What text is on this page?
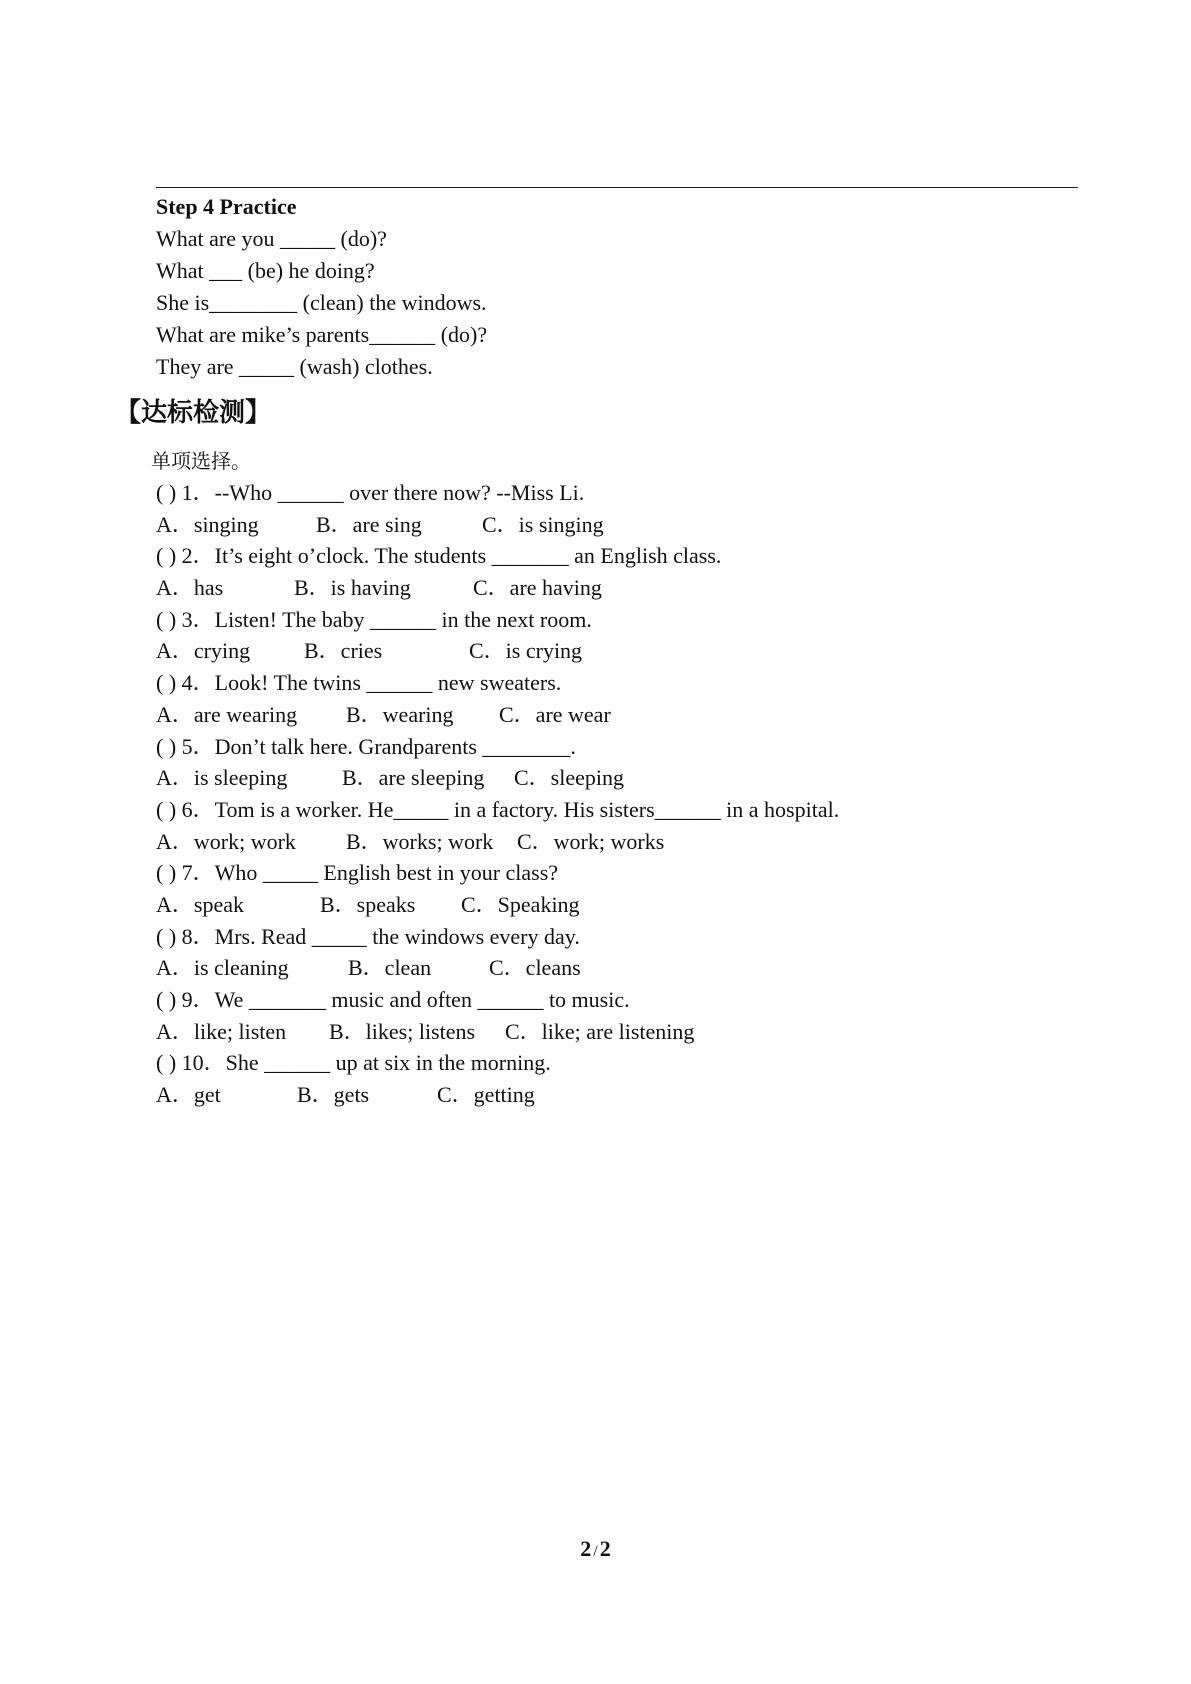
Step 4 Practice
What are you _____ (do)?
What ___ (be) he doing?
She is________ (clean) the windows.
What are mike’s parents______ (do)?
They are _____ (wash) clothes.
【达标检测】
单项选择。
( ) 1．--Who ______ over there now? --Miss Li.
A．singing	B．are sing	C．is singing
( ) 2．It’s eight o’clock. The students _______ an English class.
A．has	B．is having	C．are having
( ) 3．Listen! The baby ______ in the next room.
A．crying B．cries	C．is crying
( ) 4．Look! The twins ______ new sweaters.
A．are wearing B．wearing C．are wear
( ) 5．Don’t talk here. Grandparents ________.
A．is sleeping B．are sleeping C．sleeping
( ) 6．Tom is a worker. He_____ in a factory. His sisters______ in a hospital.
A．work; work B．works; work C．work; works
( ) 7．Who _____ English best in your class?
A．speak	B．speaks C．Speaking
( ) 8．Mrs. Read _____ the windows every day.
A．is cleaning	B．clean	C．cleans
( ) 9．We _______ music and often ______ to music.
A．like; listen B．likes; listens C．like; are listening
( ) 10．She ______ up at six in the morning.
A．get	B．gets	C．getting
2 /2
